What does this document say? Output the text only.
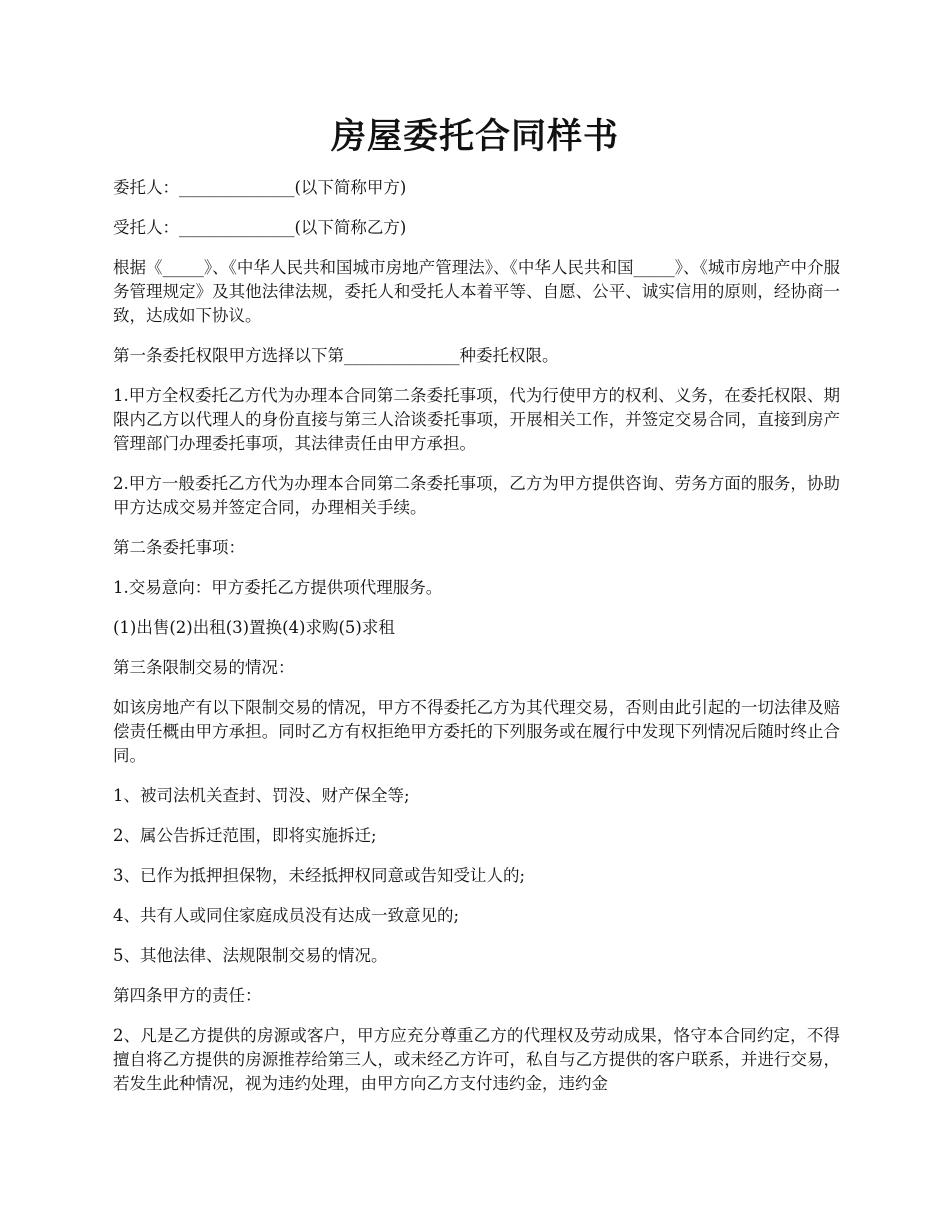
房屋委托合同样书

委托人：______________(以下简称甲方)

受托人：______________(以下简称乙方)

根据《_____》、《中华人民共和国城市房地产管理法》、《中华人民共和国_____》、《城市房地产中介服务管理规定》及其他法律法规，委托人和受托人本着平等、自愿、公平、诚实信用的原则，经协商一致，达成如下协议。

第一条委托权限甲方选择以下第______________种委托权限。

1.甲方全权委托乙方代为办理本合同第二条委托事项，代为行使甲方的权利、义务，在委托权限、期限内乙方以代理人的身份直接与第三人洽谈委托事项，开展相关工作，并签定交易合同，直接到房产管理部门办理委托事项，其法律责任由甲方承担。

2.甲方一般委托乙方代为办理本合同第二条委托事项，乙方为甲方提供咨询、劳务方面的服务，协助甲方达成交易并签定合同，办理相关手续。

第二条委托事项：

1.交易意向：甲方委托乙方提供项代理服务。

(1)出售(2)出租(3)置换(4)求购(5)求租

第三条限制交易的情况：

如该房地产有以下限制交易的情况，甲方不得委托乙方为其代理交易，否则由此引起的一切法律及赔偿责任概由甲方承担。同时乙方有权拒绝甲方委托的下列服务或在履行中发现下列情况后随时终止合同。

1、被司法机关查封、罚没、财产保全等;

2、属公告拆迁范围，即将实施拆迁;

3、已作为抵押担保物，未经抵押权同意或告知受让人的;

4、共有人或同住家庭成员没有达成一致意见的;

5、其他法律、法规限制交易的情况。

第四条甲方的责任：

2、凡是乙方提供的房源或客户，甲方应充分尊重乙方的代理权及劳动成果，恪守本合同约定，不得擅自将乙方提供的房源推荐给第三人，或未经乙方许可，私自与乙方提供的客户联系，并进行交易，若发生此种情况，视为违约处理，由甲方向乙方支付违约金，违约金
